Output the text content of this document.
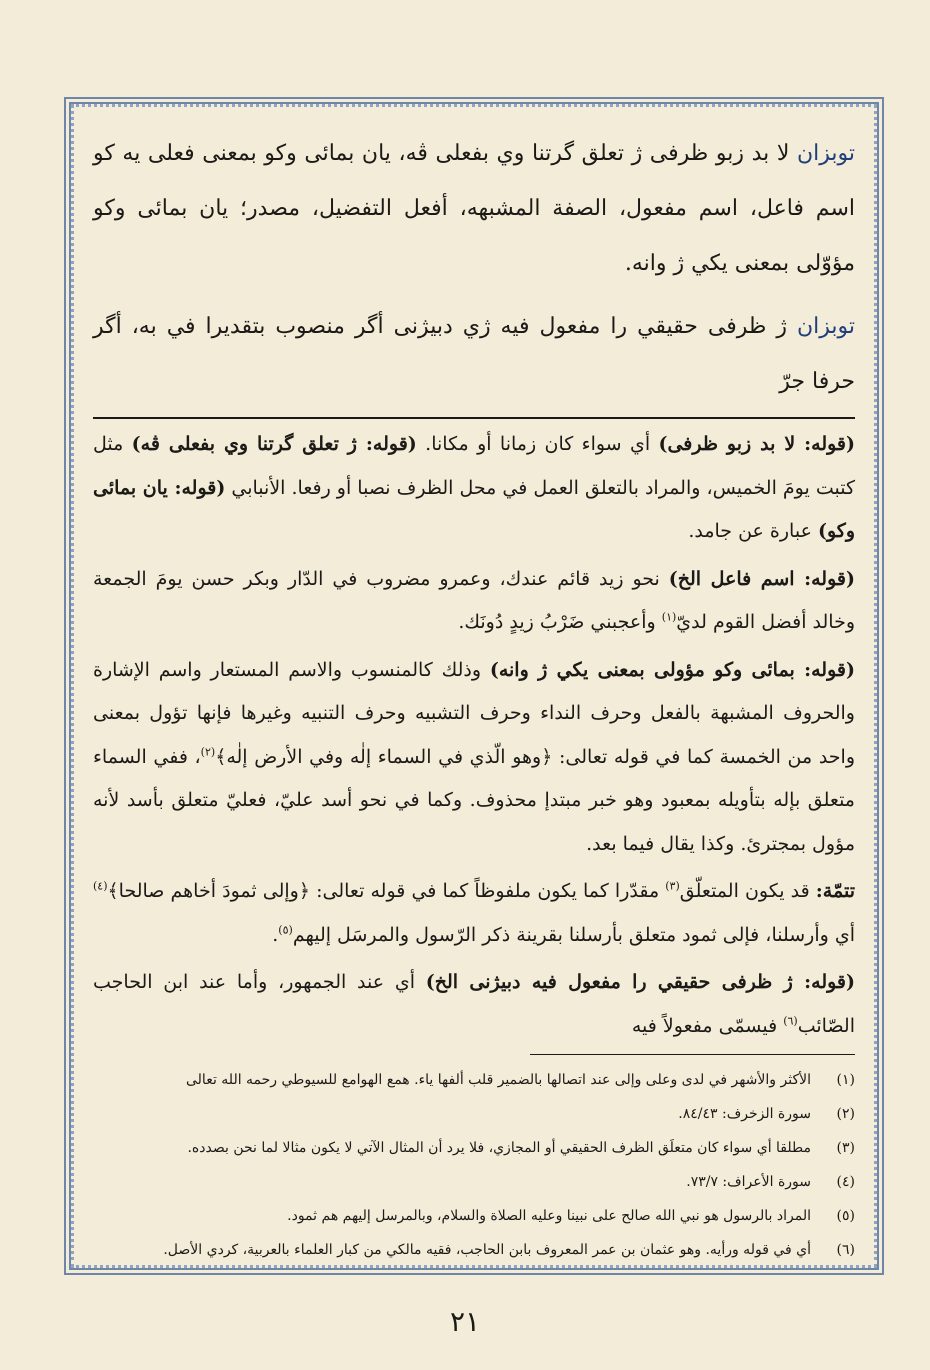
توبزان لا بد زبو ظرفى ژ تعلق گرتنا وي بفعلى ڤه، يان بمائى وكو بمعنى فعلى يه كو اسم فاعل، اسم مفعول، الصفة المشبهه، أفعل التفضيل، مصدر؛ يان بمائى وكو مؤوّلى بمعنى يكي ژ وانه.

توبزان ژ ظرفى حقيقي را مفعول فيه ژي دبيژنى أگر منصوب بتقديرا في به، أگر حرفا جرّ

(قوله: لا بد زبو ظرفى) أي سواء كان زمانا أو مكانا. (قوله: ژ تعلق گرتنا وي بفعلى ڤه) مثل كتبت يومَ الخميس، والمراد بالتعلق العمل في محل الظرف نصبا أو رفعا. الأنبابي (قوله: يان بمائى وكو) عبارة عن جامد.

(قوله: اسم فاعل الخ) نحو زيد قائم عندك، وعمرو مضروب في الدّار وبكر حسن يومَ الجمعة وخالد أفضل القوم لديّ$^{(١)}$ وأعجبني ضَرْبُ زيدٍ دُونَك.

(قوله: بمائى وكو مؤولى بمعنى يكي ژ وانه) وذلك كالمنسوب والاسم المستعار واسم الإشارة والحروف المشبهة بالفعل وحرف النداء وحرف التشبيه وحرف التنبيه وغيرها فإنها تؤول بمعنى واحد من الخمسة كما في قوله تعالى: ﴿وهو الّذي في السماء إلٰه وفي الأرض إلٰه﴾$^{(٢)}$، ففي السماء متعلق بإله بتأويله بمعبود وهو خبر مبتدإ محذوف. وكما في نحو أسد عليّ، فعليّ متعلق بأسد لأنه مؤول بمجترئ. وكذا يقال فيما بعد.

تتمّة: قد يكون المتعلّق$^{(٣)}$ مقدّرا كما يكون ملفوظاً كما في قوله تعالى: ﴿وإلى ثمودَ أخاهم صالحا﴾$^{(٤)}$ أي وأرسلنا، فإلى ثمود متعلق بأرسلنا بقرينة ذكر الرّسول والمرسَل إليهم$^{(٥)}$.

(قوله: ژ ظرفى حقيقي را مفعول فيه دبيژنى الخ) أي عند الجمهور، وأما عند ابن الحاجب الصّائب$^{(٦)}$ فيسمّى مفعولاً فيه

(١)
الأكثر والأشهر في لدى وعلى وإلى عند اتصالها بالضمير قلب ألفها ياء. همع الهوامع للسيوطي رحمه الله تعالى
(٢)
سورة الزخرف: ٨٤/٤٣.
(٣)
مطلقا أي سواء كان متعلَق الظرف الحقيقي أو المجازي، فلا يرد أن المثال الآتي لا يكون مثالا لما نحن بصدده.
(٤)
سورة الأعراف: ٧٣/٧.
(٥)
المراد بالرسول هو نبي الله صالح على نبينا وعليه الصلاة والسلام، وبالمرسل إليهم هم ثمود.
(٦)
أي في قوله ورأيه. وهو عثمان بن عمر المعروف بابن الحاجب، فقيه مالكي من كبار العلماء بالعربية، كردي الأصل.
٢١
